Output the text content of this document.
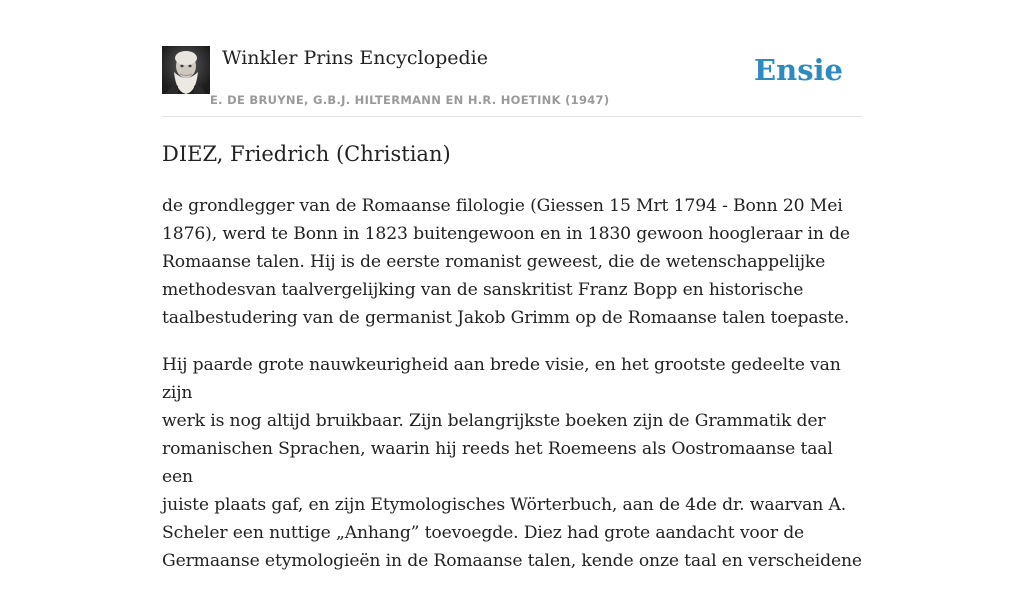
Winkler Prins Encyclopedie
E. DE BRUYNE, G.B.J. HILTERMANN EN H.R. HOETINK (1947)
Ensie
DIEZ, Friedrich (Christian)

de grondlegger van de Romaanse filologie (Giessen 15 Mrt 1794 - Bonn 20 Mei
1876), werd te Bonn in 1823 buitengewoon en in 1830 gewoon hoogleraar in de
Romaanse talen. Hij is de eerste romanist geweest, die de wetenschappelijke
methodesvan taalvergelijking van de sanskritist Franz Bopp en historische
taalbestudering van de germanist Jakob Grimm op de Romaanse talen toepaste.

Hij paarde grote nauwkeurigheid aan brede visie, en het grootste gedeelte van zijn
werk is nog altijd bruikbaar. Zijn belangrijkste boeken zijn de Grammatik der
romanischen Sprachen, waarin hij reeds het Roemeens als Oostromaanse taal een
juiste plaats gaf, en zijn Etymologisches Wörterbuch, aan de 4de dr. waarvan A.
Scheler een nuttige „Anhang” toevoegde. Diez had grote aandacht voor de
Germaanse etymologieën in de Romaanse talen, kende onze taal en verscheidene
